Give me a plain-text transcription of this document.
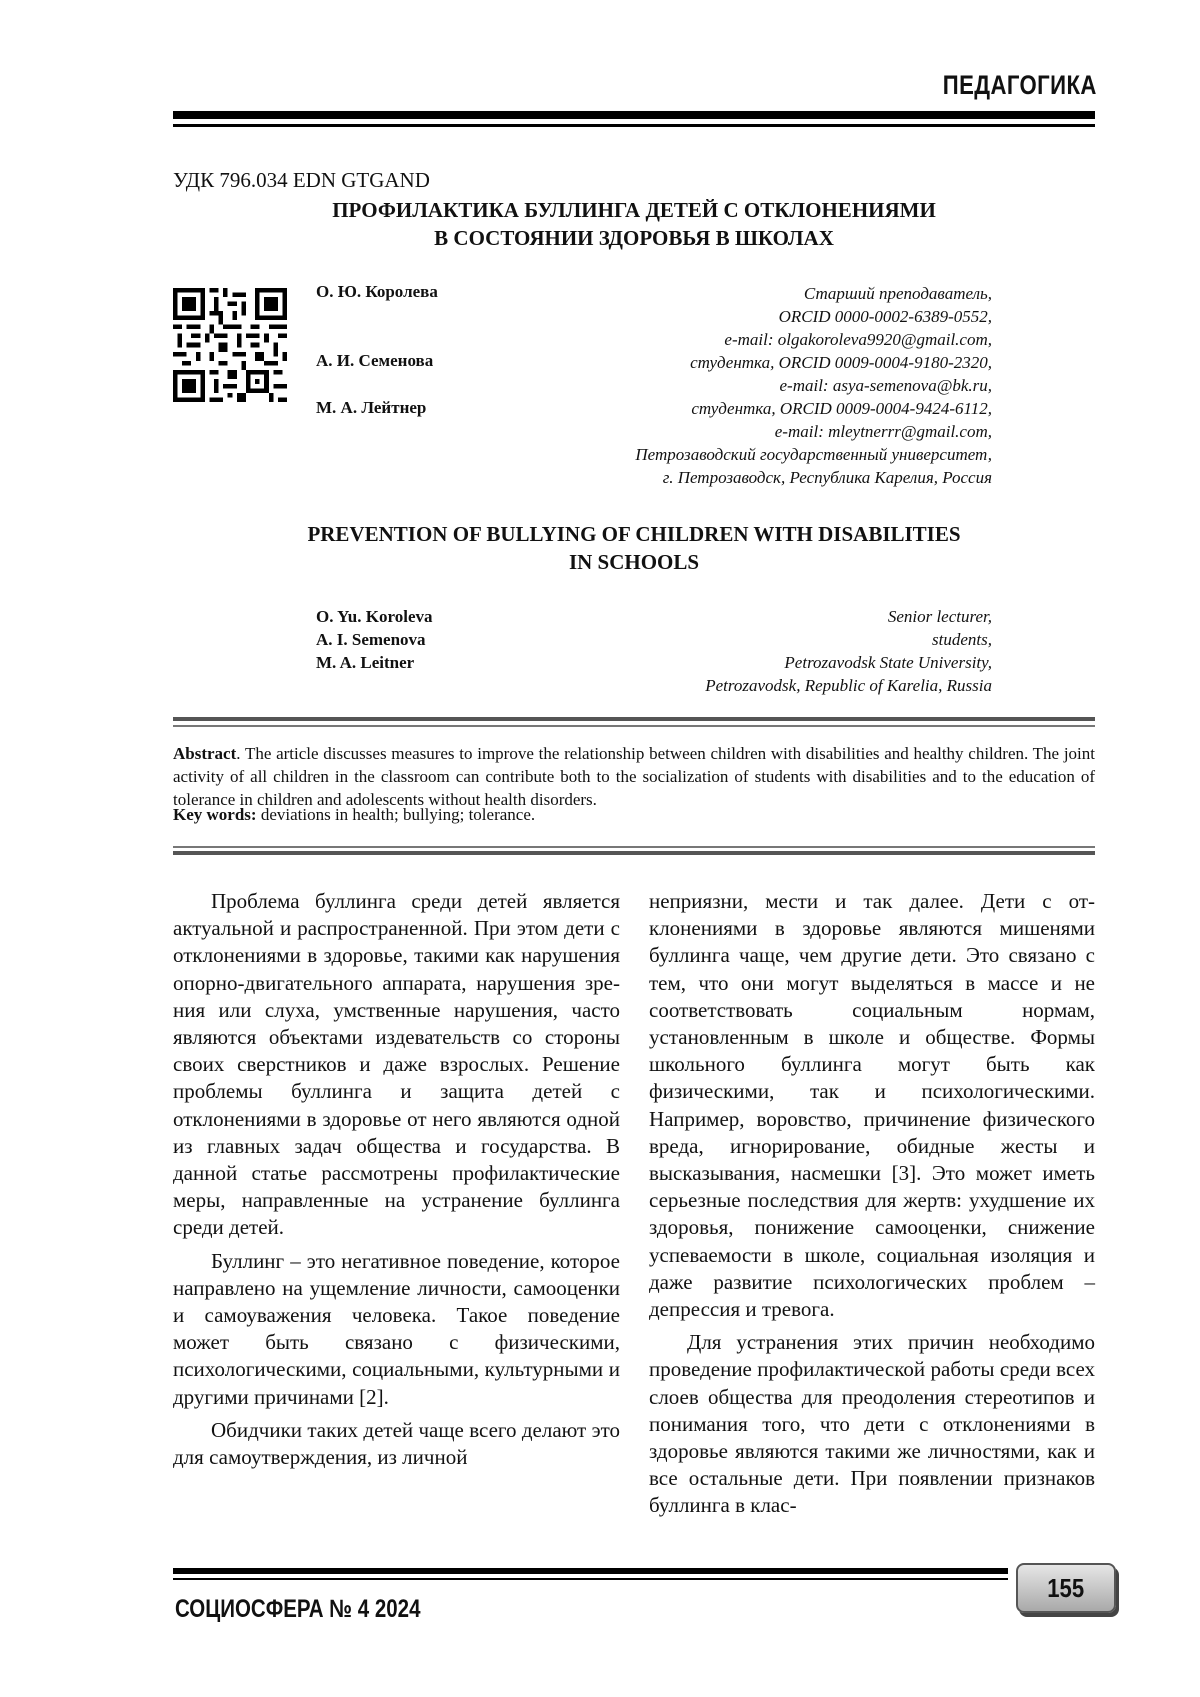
ПЕДАГОГИКА
УДК 796.034 EDN GTGAND
ПРОФИЛАКТИКА БУЛЛИНГА ДЕТЕЙ С ОТКЛОНЕНИЯМИ
В СОСТОЯНИИ ЗДОРОВЬЯ В ШКОЛАХ
О. Ю. Королева
А. И. Семенова
М. А. Лейтнер
Старший преподаватель,
ORCID 0000-0002-6389-0552,
e-mail: olgakoroleva9920@gmail.com,
студентка, ORCID 0009-0004-9180-2320,
e-mail: asya-semenova@bk.ru,
студентка, ORCID 0009-0004-9424-6112,
e-mail: mleytnerrr@gmail.com,
Петрозаводский государственный университет,
г. Петрозаводск, Республика Карелия, Россия
PREVENTION OF BULLYING OF CHILDREN WITH DISABILITIES
IN SCHOOLS
O. Yu. Koroleva
A. I. Semenova
M. A. Leitner
Senior lecturer,
students,
Petrozavodsk State University,
Petrozavodsk, Republic of Karelia, Russia
Abstract. The article discusses measures to improve the relationship between children with disabilities and healthy children. The joint activity of all children in the classroom can contribute both to the socialization of students with disabilities and to the education of tolerance in children and adolescents without health disorders.
Key words: deviations in health; bullying; tolerance.

Проблема буллинга среди детей является актуальной и распространенной. При этом дети с отклонениями в здоровье, такими как нарушения опорно-двигательного аппарата, нарушения зрения или слуха, умственные нарушения, часто являются объектами издевательств со стороны своих сверстников и даже взрослых. Решение проблемы буллинга и защита детей с отклонениями в здоровье от него являются одной из главных задач общества и государства. В данной статье рассмотрены профилактические меры, направленные на устранение буллинга среди детей.

Буллинг – это негативное поведение, которое направлено на ущемление личности, самооценки и самоуважения человека. Такое поведение может быть связано с физическими, психологическими, социальными, культурными и другими причинами [2].

Обидчики таких детей чаще всего делают это для самоутверждения, из личной

неприязни, мести и так далее. Дети с отклонениями в здоровье являются мишенями буллинга чаще, чем другие дети. Это связано с тем, что они могут выделяться в массе и не соответствовать социальным нормам, установленным в школе и обществе. Формы школьного буллинга могут быть как физическими, так и психологическими. Например, воровство, причинение физического вреда, игнорирование, обидные жесты и высказывания, насмешки [3]. Это может иметь серьезные последствия для жертв: ухудшение их здоровья, понижение самооценки, снижение успеваемости в школе, социальная изоляция и даже развитие психологических проблем – депрессия и тревога.

Для устранения этих причин необходимо проведение профилактической работы среди всех слоев общества для преодоления стереотипов и понимания того, что дети с отклонениями в здоровье являются такими же личностями, как и все остальные дети. При появлении признаков буллинга в клас-

СОЦИОСФЕРА № 4 2024
155
